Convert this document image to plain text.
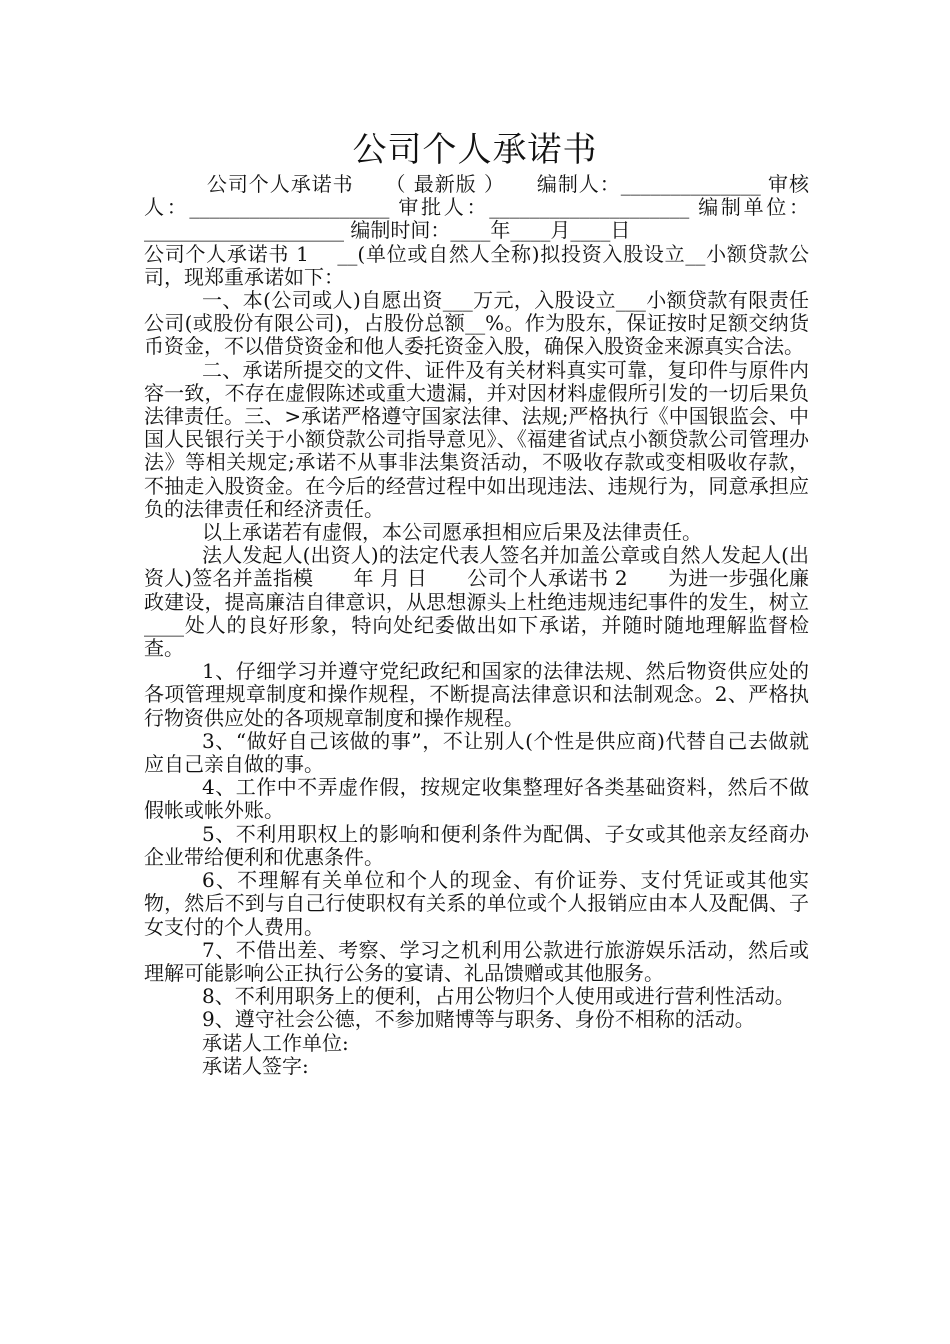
公司个人承诺书

　　　公司个人承诺书　　（ 最新版 ）　　编制人：______________ 审核人：____________________ 审批人：____________________ 编制单位：____________________ 编制时间：____年____月____日

公司个人承诺书 1　 __(单位或自然人全称)拟投资入股设立__小额贷款公司，现郑重承诺如下：

一、本(公司或人)自愿出资___万元，入股设立___小额贷款有限责任公司(或股份有限公司)，占股份总额__%。作为股东，保证按时足额交纳货币资金，不以借贷资金和他人委托资金入股，确保入股资金来源真实合法。

二、承诺所提交的文件、证件及有关材料真实可靠，复印件与原件内容一致，不存在虚假陈述或重大遗漏，并对因材料虚假所引发的一切后果负法律责任。三、>承诺严格遵守国家法律、法规;严格执行《中国银监会、中国人民银行关于小额贷款公司指导意见》、《福建省试点小额贷款公司管理办法》等相关规定;承诺不从事非法集资活动，不吸收存款或变相吸收存款，不抽走入股资金。在今后的经营过程中如出现违法、违规行为，同意承担应负的法律责任和经济责任。

以上承诺若有虚假，本公司愿承担相应后果及法律责任。

法人发起人(出资人)的法定代表人签名并加盖公章或自然人发起人(出资人)签名并盖指模　　年 月 日　　公司个人承诺书 2　　为进一步强化廉政建设，提高廉洁自律意识，从思想源头上杜绝违规违纪事件的发生，树立____处人的良好形象，特向处纪委做出如下承诺，并随时随地理解监督检查。

1、仔细学习并遵守党纪政纪和国家的法律法规、然后物资供应处的各项管理规章制度和操作规程，不断提高法律意识和法制观念。2、严格执行物资供应处的各项规章制度和操作规程。

3、“做好自己该做的事”，不让别人(个性是供应商)代替自己去做就应自己亲自做的事。

4、工作中不弄虚作假，按规定收集整理好各类基础资料，然后不做假帐或帐外账。

5、不利用职权上的影响和便利条件为配偶、子女或其他亲友经商办企业带给便利和优惠条件。

6、不理解有关单位和个人的现金、有价证券、支付凭证或其他实物，然后不到与自己行使职权有关系的单位或个人报销应由本人及配偶、子女支付的个人费用。

7、不借出差、考察、学习之机利用公款进行旅游娱乐活动，然后或理解可能影响公正执行公务的宴请、礼品馈赠或其他服务。

8、不利用职务上的便利，占用公物归个人使用或进行营利性活动。

9、遵守社会公德，不参加赌博等与职务、身份不相称的活动。

承诺人工作单位:

承诺人签字:
